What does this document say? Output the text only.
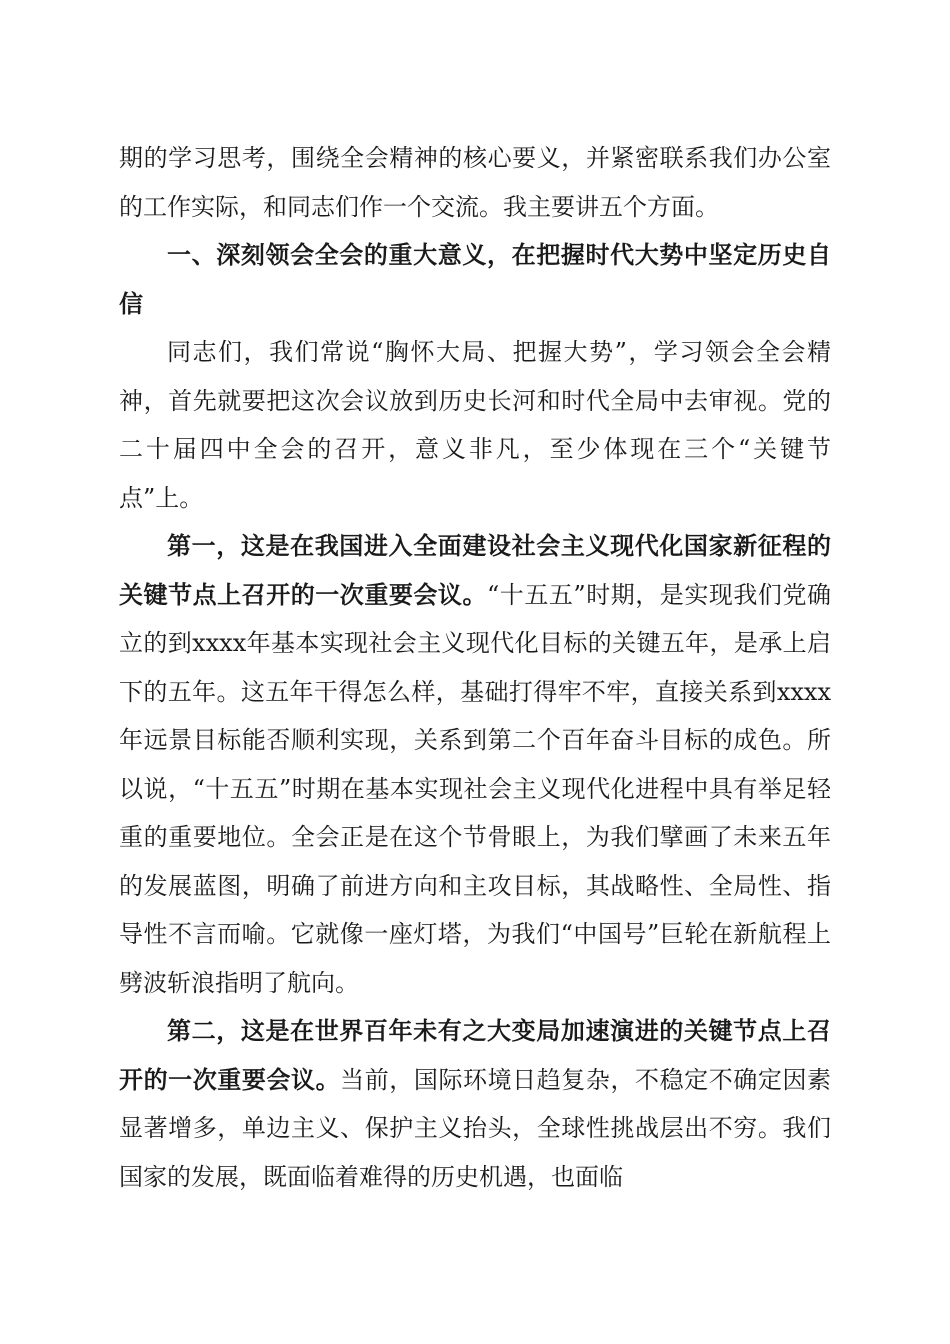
期的学习思考，围绕全会精神的核心要义，并紧密联系我们办公室的工作实际，和同志们作一个交流。我主要讲五个方面。

一、深刻领会全会的重大意义，在把握时代大势中坚定历史自信

同志们，我们常说“胸怀大局、把握大势”，学习领会全会精神，首先就要把这次会议放到历史长河和时代全局中去审视。党的二十届四中全会的召开，意义非凡，至少体现在三个“关键节点”上。

第一，这是在我国进入全面建设社会主义现代化国家新征程的关键节点上召开的一次重要会议。“十五五”时期，是实现我们党确立的到xxxx年基本实现社会主义现代化目标的关键五年，是承上启下的五年。这五年干得怎么样，基础打得牢不牢，直接关系到xxxx年远景目标能否顺利实现，关系到第二个百年奋斗目标的成色。所以说，“十五五”时期在基本实现社会主义现代化进程中具有举足轻重的重要地位。全会正是在这个节骨眼上，为我们擘画了未来五年的发展蓝图，明确了前进方向和主攻目标，其战略性、全局性、指导性不言而喻。它就像一座灯塔，为我们“中国号”巨轮在新航程上劈波斩浪指明了航向。

第二，这是在世界百年未有之大变局加速演进的关键节点上召开的一次重要会议。当前，国际环境日趋复杂，不稳定不确定因素显著增多，单边主义、保护主义抬头，全球性挑战层出不穷。我们国家的发展，既面临着难得的历史机遇，也面临
